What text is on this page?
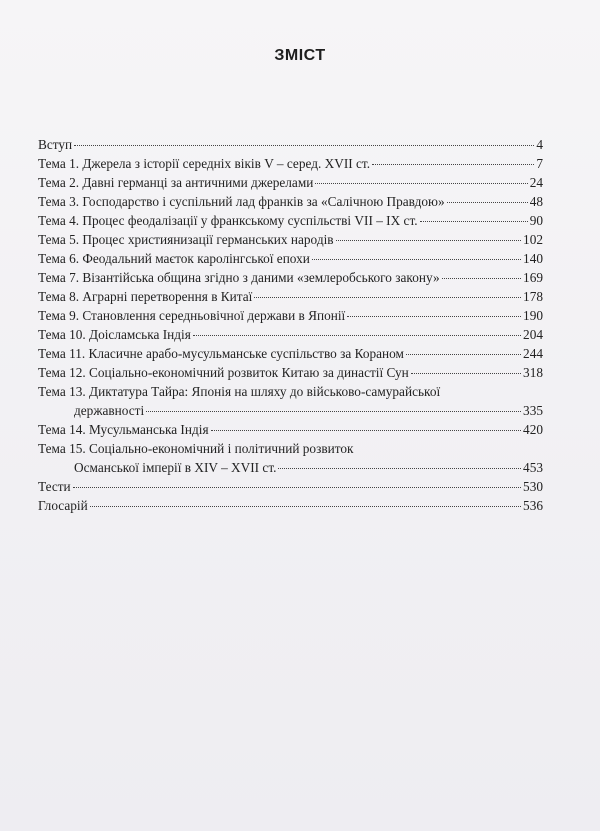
ЗМІСТ
Вступ	4
Тема 1. Джерела з історії середніх віків V – серед. XVII ст.	7
Тема 2. Давні германці за античними джерелами	24
Тема 3. Господарство і суспільний лад франків за «Салічною Правдою»	48
Тема 4. Процес феодалізації у франкському суспільстві VII – IX ст.	90
Тема 5. Процес християнизації германських народів	102
Тема 6. Феодальний маєток каролінгської епохи	140
Тема 7. Візантійська община згідно з даними «землеробського закону»	169
Тема 8. Аграрні перетворення в Китаї	178
Тема 9. Становлення середньовічної держави в Японії	190
Тема 10. Доісламська Індія	204
Тема 11. Класичне арабо-мусульманське суспільство за Кораном	244
Тема 12. Соціально-економічний розвиток Китаю за династії Сун	318
Тема 13. Диктатура Тайра: Японія на шляху до військово-самурайської
державності	335
Тема 14. Мусульманська Індія	420
Тема 15. Соціально-економічний і політичний розвиток
Османської імперії в XIV – XVII ст.	453
Тести	530
Глосарій	536
